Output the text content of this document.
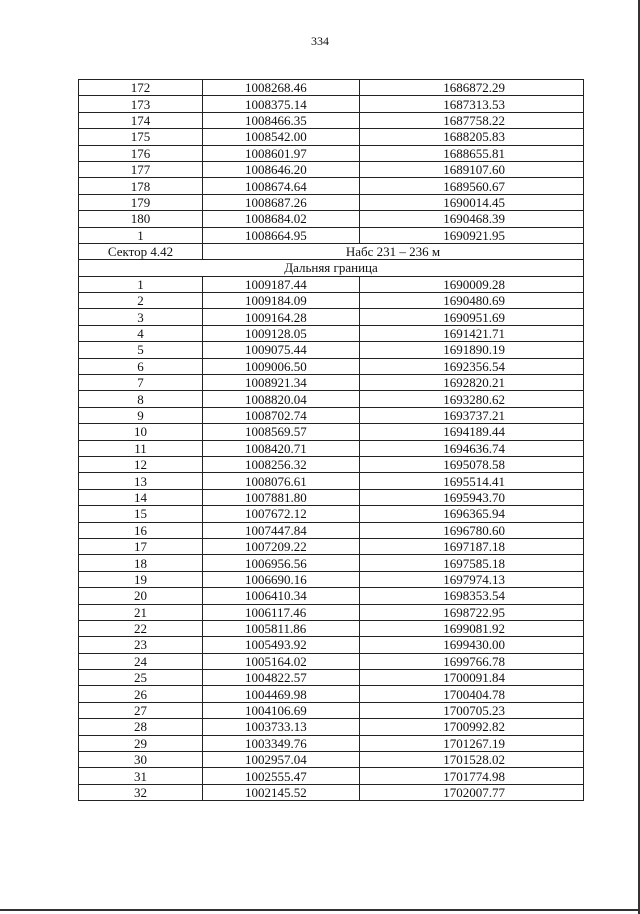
334
172	1008268.46	1686872.29
173	1008375.14	1687313.53
174	1008466.35	1687758.22
175	1008542.00	1688205.83
176	1008601.97	1688655.81
177	1008646.20	1689107.60
178	1008674.64	1689560.67
179	1008687.26	1690014.45
180	1008684.02	1690468.39
1	1008664.95	1690921.95
Сектор 4.42	Набс 231 – 236 м	
Дальняя граница		
1	1009187.44	1690009.28
2	1009184.09	1690480.69
3	1009164.28	1690951.69
4	1009128.05	1691421.71
5	1009075.44	1691890.19
6	1009006.50	1692356.54
7	1008921.34	1692820.21
8	1008820.04	1693280.62
9	1008702.74	1693737.21
10	1008569.57	1694189.44
11	1008420.71	1694636.74
12	1008256.32	1695078.58
13	1008076.61	1695514.41
14	1007881.80	1695943.70
15	1007672.12	1696365.94
16	1007447.84	1696780.60
17	1007209.22	1697187.18
18	1006956.56	1697585.18
19	1006690.16	1697974.13
20	1006410.34	1698353.54
21	1006117.46	1698722.95
22	1005811.86	1699081.92
23	1005493.92	1699430.00
24	1005164.02	1699766.78
25	1004822.57	1700091.84
26	1004469.98	1700404.78
27	1004106.69	1700705.23
28	1003733.13	1700992.82
29	1003349.76	1701267.19
30	1002957.04	1701528.02
31	1002555.47	1701774.98
32	1002145.52	1702007.77
